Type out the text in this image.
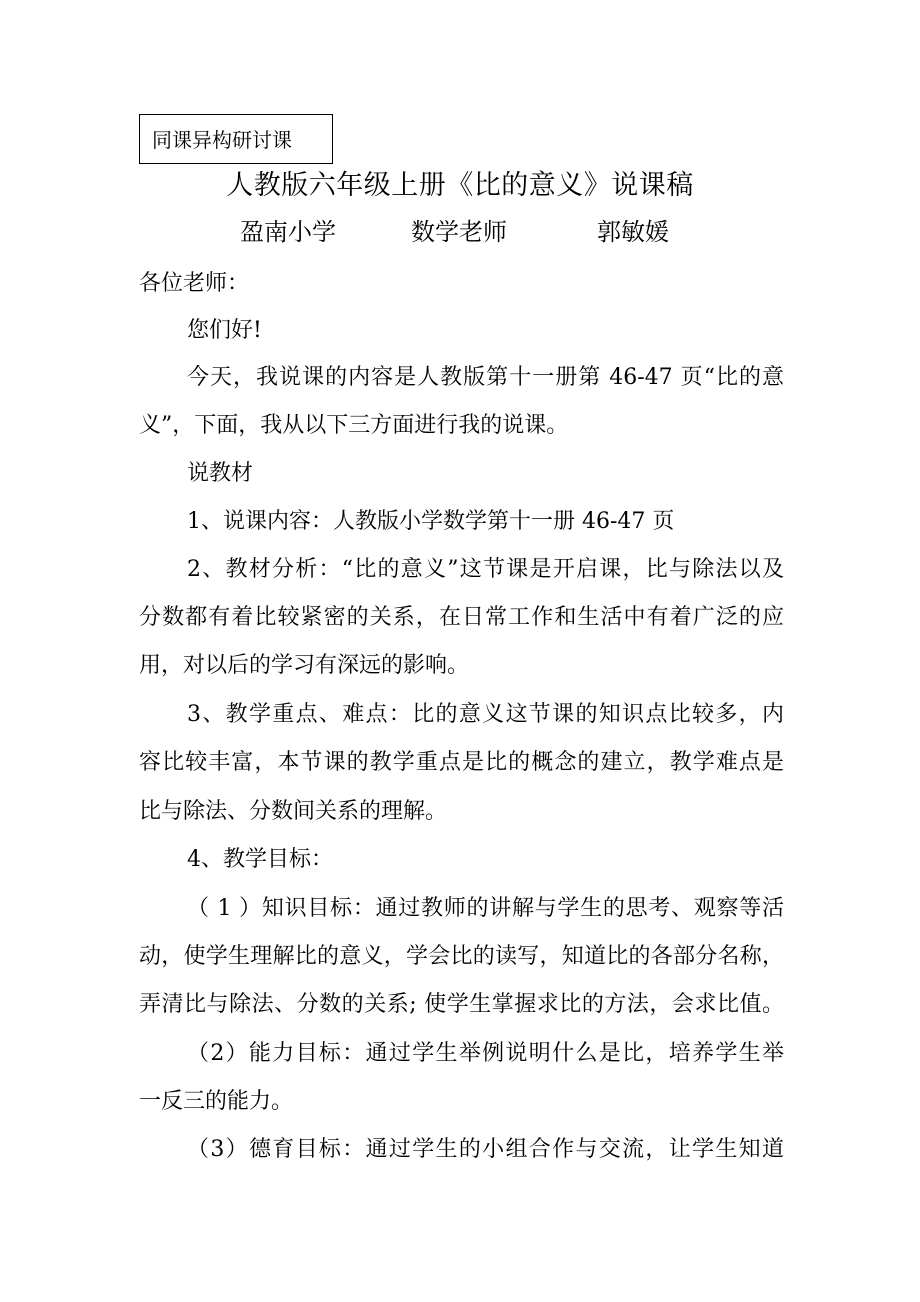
同课异构研讨课
人教版六年级上册《比的意义》说课稿
盈南小学	数学老师	郭敏媛
各位老师：
您们好!
今天，我说课的内容是人教版第十一册第 46-47 页“比的意
义”，下面，我从以下三方面进行我的说课。
说教材
1、说课内容：人教版小学数学第十一册 46-47 页
2、教材分析：“比的意义”这节课是开启课，比与除法以及
分数都有着比较紧密的关系，在日常工作和生活中有着广泛的应
用，对以后的学习有深远的影响。
3、教学重点、难点：比的意义这节课的知识点比较多，内
容比较丰富，本节课的教学重点是比的概念的建立，教学难点是
比与除法、分数间关系的理解。
4、教学目标：
（ 1 ）知识目标：通过教师的讲解与学生的思考、观察等活
动，使学生理解比的意义，学会比的读写，知道比的各部分名称，
弄清比与除法、分数的关系; 使学生掌握求比的方法，会求比值。
（2）能力目标：通过学生举例说明什么是比，培养学生举
一反三的能力。
（3）德育目标：通过学生的小组合作与交流，让学生知道
